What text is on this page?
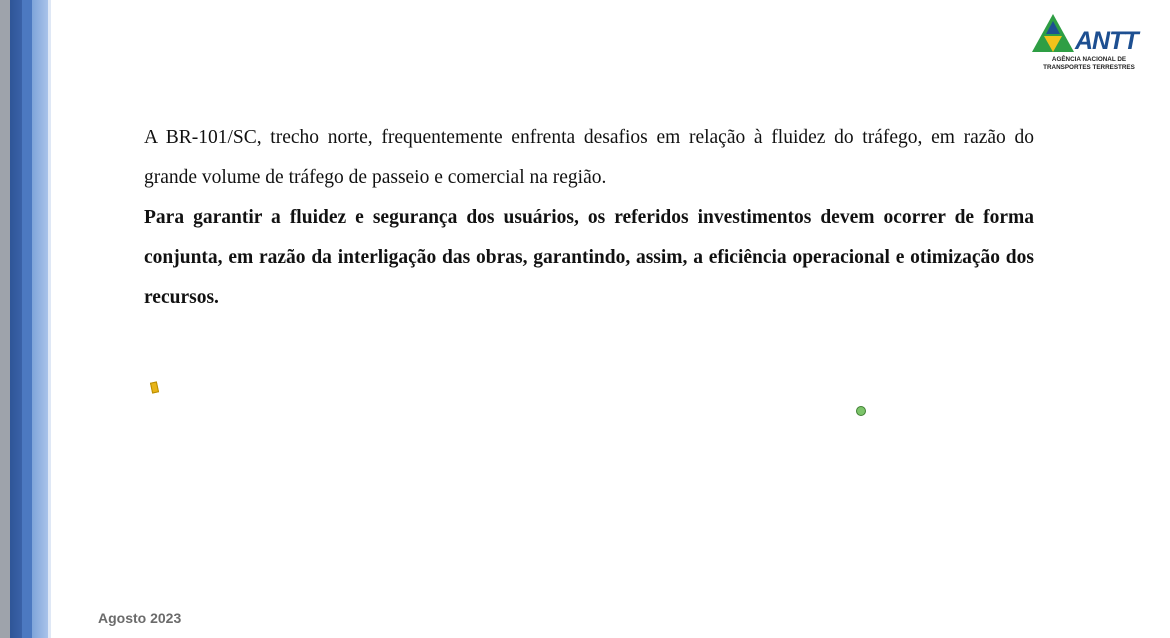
ANTT
AGÊNCIA NACIONAL DE
TRANSPORTES TERRESTRES

A BR-101/SC, trecho norte, frequentemente enfrenta desafios em relação à fluidez do tráfego, em razão do grande volume de tráfego de passeio e comercial na região.

Para garantir a fluidez e segurança dos usuários, os referidos investimentos devem ocorrer de forma conjunta, em razão da interligação das obras, garantindo, assim, a eficiência operacional e otimização dos recursos.

Agosto 2023
